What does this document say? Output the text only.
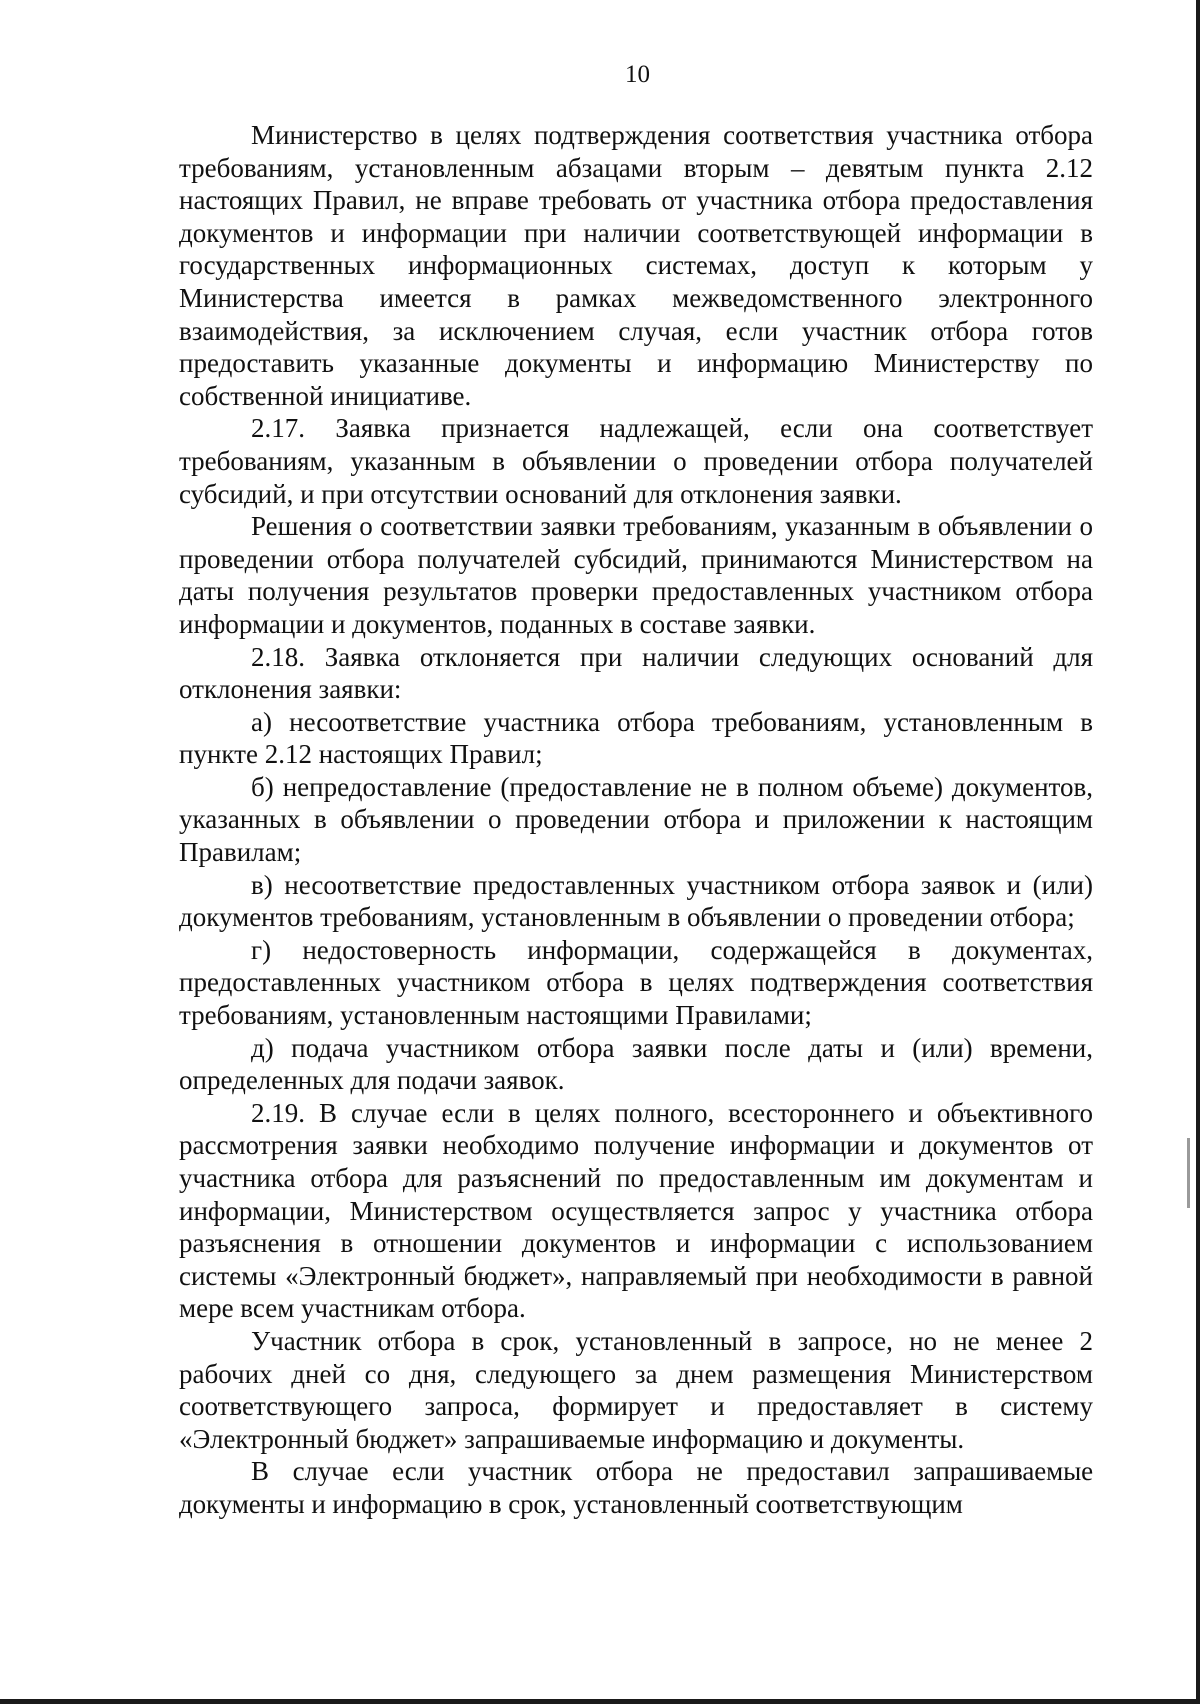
10

Министерство в целях подтверждения соответствия участника отбора требованиям, установленным абзацами вторым – девятым пункта 2.12 настоящих Правил, не вправе требовать от участника отбора предоставления документов и информации при наличии соответствующей информации в государственных информационных системах, доступ к которым у Министерства имеется в рамках межведомственного электронного взаимодействия, за исключением случая, если участник отбора готов предоставить указанные документы и информацию Министерству по собственной инициативе.

2.17. Заявка признается надлежащей, если она соответствует требованиям, указанным в объявлении о проведении отбора получателей субсидий, и при отсутствии оснований для отклонения заявки.

Решения о соответствии заявки требованиям, указанным в объявлении о проведении отбора получателей субсидий, принимаются Министерством на даты получения результатов проверки предоставленных участником отбора информации и документов, поданных в составе заявки.

2.18. Заявка отклоняется при наличии следующих оснований для отклонения заявки:

а) несоответствие участника отбора требованиям, установленным в пункте 2.12 настоящих Правил;

б) непредоставление (предоставление не в полном объеме) документов, указанных в объявлении о проведении отбора и приложении к настоящим Правилам;

в) несоответствие предоставленных участником отбора заявок и (или) документов требованиям, установленным в объявлении о проведении отбора;

г) недостоверность информации, содержащейся в документах, предоставленных участником отбора в целях подтверждения соответствия требованиям, установленным настоящими Правилами;

д) подача участником отбора заявки после даты и (или) времени, определенных для подачи заявок.

2.19. В случае если в целях полного, всестороннего и объективного рассмотрения заявки необходимо получение информации и документов от участника отбора для разъяснений по предоставленным им документам и информации, Министерством осуществляется запрос у участника отбора разъяснения в отношении документов и информации с использованием системы «Электронный бюджет», направляемый при необходимости в равной мере всем участникам отбора.

Участник отбора в срок, установленный в запросе, но не менее 2 рабочих дней со дня, следующего за днем размещения Министерством соответствующего запроса, формирует и предоставляет в систему «Электронный бюджет» запрашиваемые информацию и документы.

В случае если участник отбора не предоставил запрашиваемые документы и информацию в срок, установленный соответствующим
